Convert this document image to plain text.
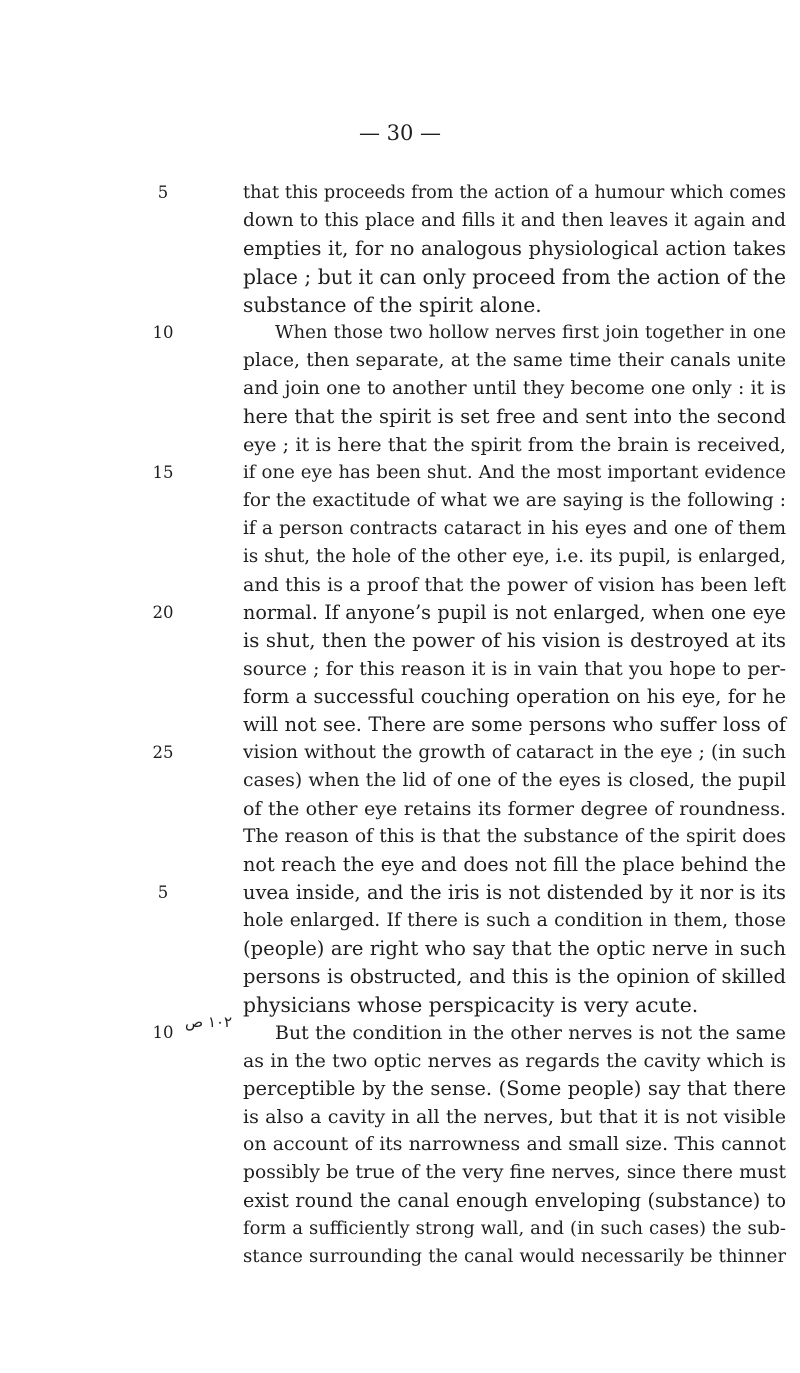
— 30 —
5
10
15
20
25
5
10
۱۰۲ ص
that this proceeds from the action of a humour which comes
down to this place and fills it and then leaves it again and
empties it, for no analogous physiological action takes
place ; but it can only proceed from the action of the
substance of the spirit alone.
When those two hollow nerves first join together in one
place, then separate, at the same time their canals unite
and join one to another until they become one only : it is
here that the spirit is set free and sent into the second
eye ; it is here that the spirit from the brain is received,
if one eye has been shut. And the most important evidence
for the exactitude of what we are saying is the following :
if a person contracts cataract in his eyes and one of them
is shut, the hole of the other eye, i.e. its pupil, is enlarged,
and this is a proof that the power of vision has been left
normal. If anyone’s pupil is not enlarged, when one eye
is shut, then the power of his vision is destroyed at its
source ; for this reason it is in vain that you hope to per-
form a successful couching operation on his eye, for he
will not see. There are some persons who suffer loss of
vision without the growth of cataract in the eye ; (in such
cases) when the lid of one of the eyes is closed, the pupil
of the other eye retains its former degree of roundness.
The reason of this is that the substance of the spirit does
not reach the eye and does not fill the place behind the
uvea inside, and the iris is not distended by it nor is its
hole enlarged. If there is such a condition in them, those
(people) are right who say that the optic nerve in such
persons is obstructed, and this is the opinion of skilled
physicians whose perspicacity is very acute.
But the condition in the other nerves is not the same
as in the two optic nerves as regards the cavity which is
perceptible by the sense. (Some people) say that there
is also a cavity in all the nerves, but that it is not visible
on account of its narrowness and small size. This cannot
possibly be true of the very fine nerves, since there must
exist round the canal enough enveloping (substance) to
form a sufficiently strong wall, and (in such cases) the sub-
stance surrounding the canal would necessarily be thinner
